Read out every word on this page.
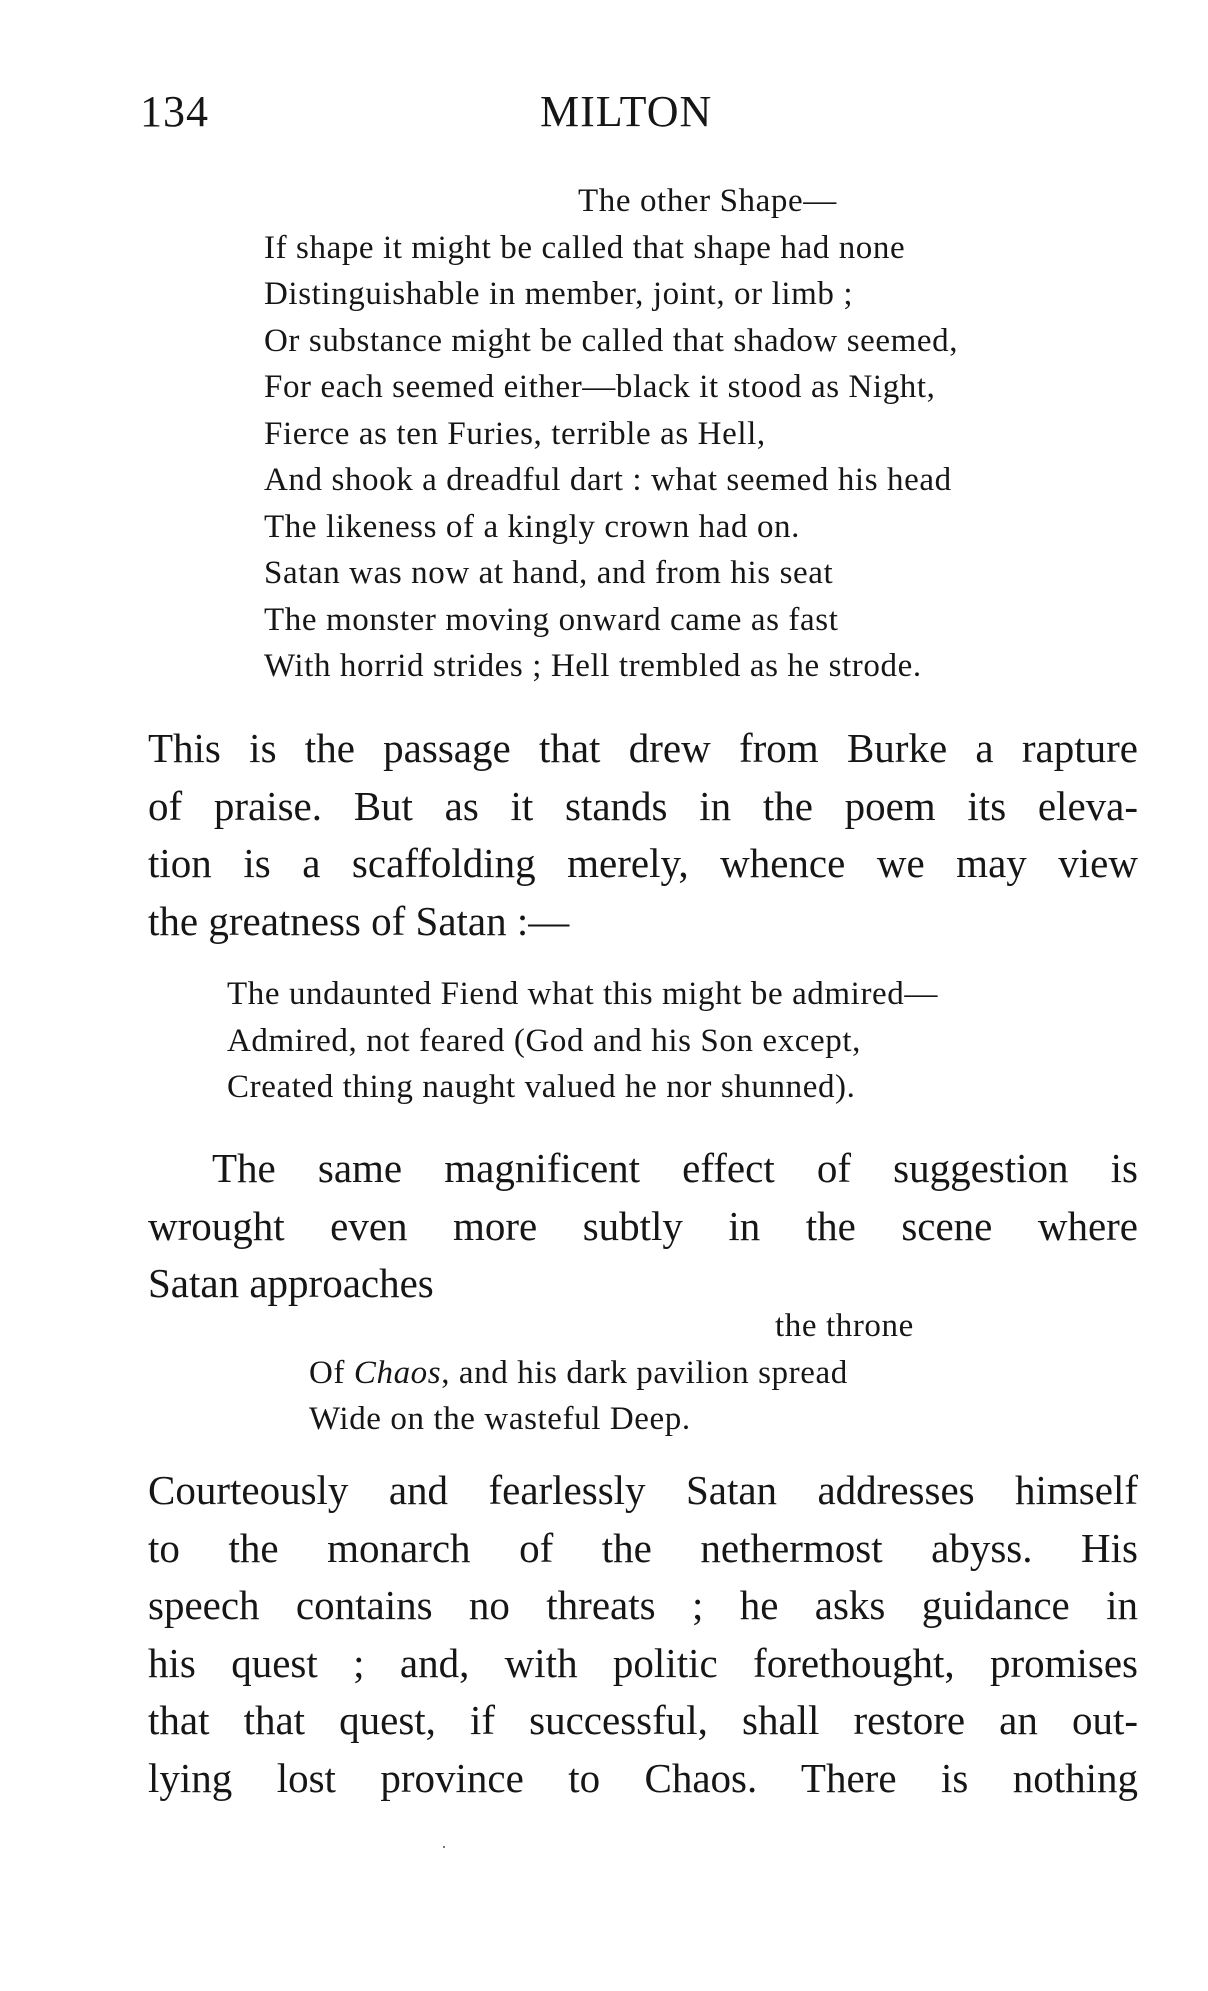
134	MILTON
The other Shape—
If shape it might be called that shape had none
Distinguishable in member, joint, or limb ;
Or substance might be called that shadow seemed,
For each seemed either—black it stood as Night,
Fierce as ten Furies, terrible as Hell,
And shook a dreadful dart : what seemed his head
The likeness of a kingly crown had on.
Satan was now at hand, and from his seat
The monster moving onward came as fast
With horrid strides ; Hell trembled as he strode.
This is the passage that drew from Burke a rapture
of praise. But as it stands in the poem its eleva-
tion is a scaffolding merely, whence we may view
the greatness of Satan :—
The undaunted Fiend what this might be admired—
Admired, not feared (God and his Son except,
Created thing naught valued he nor shunned).
The same magnificent effect of suggestion is
wrought even more subtly in the scene where
Satan approaches
the throne
Of Chaos, and his dark pavilion spread
Wide on the wasteful Deep.
Courteously and fearlessly Satan addresses himself
to the monarch of the nethermost abyss. His
speech contains no threats ; he asks guidance in
his quest ; and, with politic forethought, promises
that that quest, if successful, shall restore an out-
lying lost province to Chaos. There is nothing
